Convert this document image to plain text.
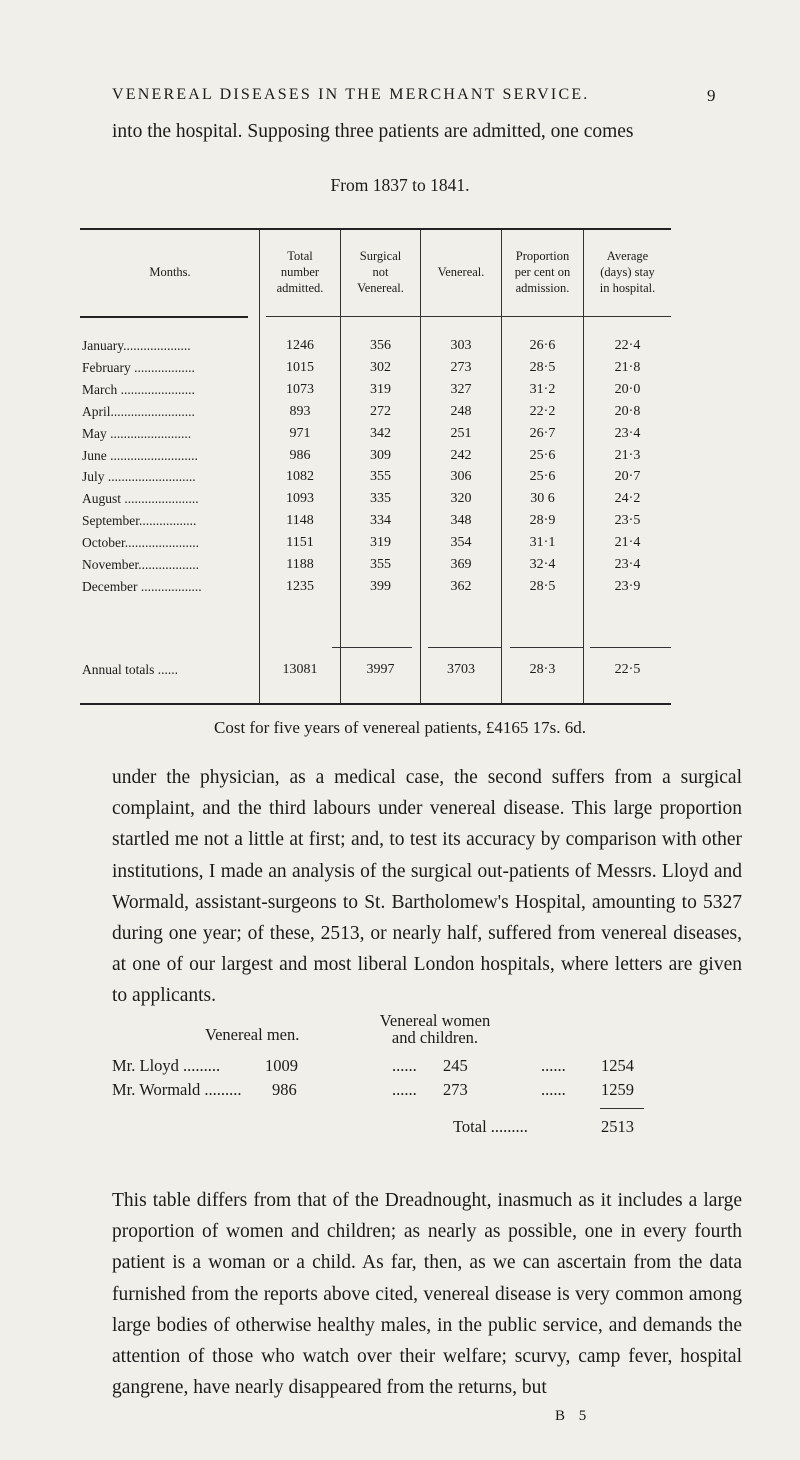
VENEREAL DISEASES IN THE MERCHANT SERVICE.	9
into the hospital. Supposing three patients are admitted, one comes
From 1837 to 1841.
Months.
Total
number
admitted.
Surgical
not
Venereal.
Venereal.
Proportion
per cent on
admission.
Average
(days) stay
in hospital.
January....................	1246	356	303	26·6	22·4
February ..................	1015	302	273	28·5	21·8
March ......................	1073	319	327	31·2	20·0
April.........................	893	272	248	22·2	20·8
May ........................	971	342	251	26·7	23·4
June ..........................	986	309	242	25·6	21·3
July ..........................	1082	355	306	25·6	20·7
August ......................	1093	335	320	30 6	24·2
September.................	1148	334	348	28·9	23·5
October......................	1151	319	354	31·1	21·4
November..................	1188	355	369	32·4	23·4
December ..................	1235	399	362	28·5	23·9
Annual totals ......	13081	3997	3703	28·3	22·5
Cost for five years of venereal patients, £4165 17s. 6d.
under the physician, as a medical case, the second suffers from a surgical complaint, and the third labours under venereal disease. This large proportion startled me not a little at first; and, to test its accuracy by comparison with other institutions, I made an analysis of the surgical out-patients of Messrs. Lloyd and Wormald, assistant-surgeons to St. Bartholomew's Hospital, amounting to 5327 during one year; of these, 2513, or nearly half, suffered from venereal diseases, at one of our largest and most liberal London hospitals, where letters are given to applicants.
Venereal men.
Venereal women
and children.
Mr. Lloyd .........	1009	...... 245	...... 1254
Mr. Wormald ......... 986	...... 273	...... 1259
Total .........	2513
This table differs from that of the Dreadnought, inasmuch as it includes a large proportion of women and children; as nearly as possible, one in every fourth patient is a woman or a child. As far, then, as we can ascertain from the data furnished from the reports above cited, venereal disease is very common among large bodies of otherwise healthy males, in the public service, and demands the attention of those who watch over their welfare; scurvy, camp fever, hospital gangrene, have nearly disappeared from the returns, but
B 5
